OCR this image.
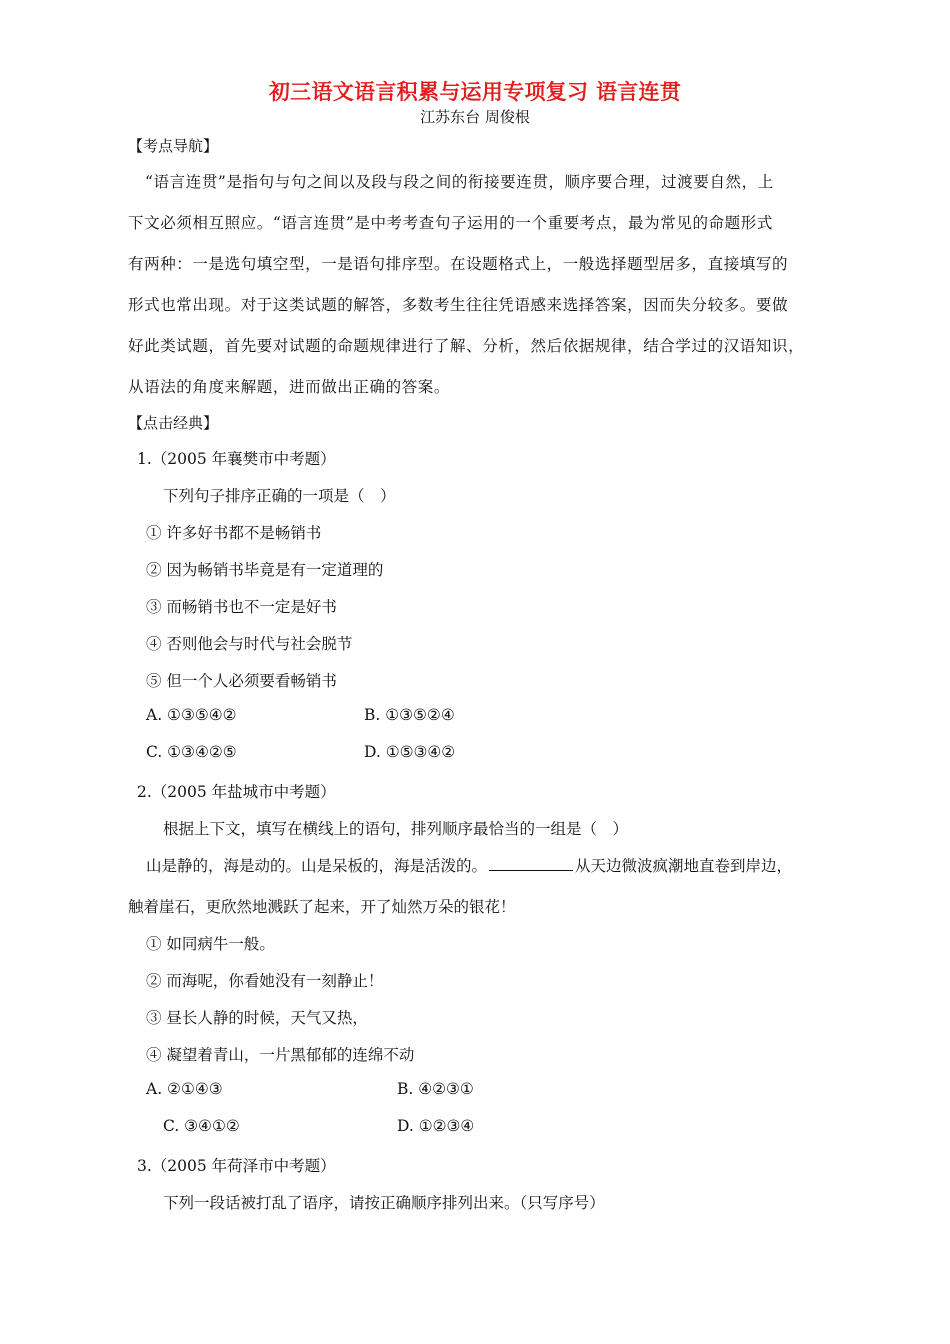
初三语文语言积累与运用专项复习 语言连贯
江苏东台 周俊根
【考点导航】
“语言连贯”是指句与句之间以及段与段之间的衔接要连贯，顺序要合理，过渡要自然，上
下文必须相互照应。“语言连贯”是中考考查句子运用的一个重要考点，最为常见的命题形式
有两种：一是选句填空型，一是语句排序型。在设题格式上，一般选择题型居多，直接填写的
形式也常出现。对于这类试题的解答，多数考生往往凭语感来选择答案，因而失分较多。要做
好此类试题，首先要对试题的命题规律进行了解、分析，然后依据规律，结合学过的汉语知识，
从语法的角度来解题，进而做出正确的答案。
【点击经典】
1.（2005 年襄樊市中考题）
下列句子排序正确的一项是（　）
① 许多好书都不是畅销书
② 因为畅销书毕竟是有一定道理的
③ 而畅销书也不一定是好书
④ 否则他会与时代与社会脱节
⑤ 但一个人必须要看畅销书
A. ①③⑤④②	B. ①③⑤②④
C. ①③④②⑤	D. ①⑤③④②
2.（2005 年盐城市中考题）
根据上下文，填写在横线上的语句，排列顺序最恰当的一组是（　）
山是静的，海是动的。山是呆板的，海是活泼的。	从天边微波疯潮地直卷到岸边，
触着崖石，更欣然地溅跃了起来，开了灿然万朵的银花！
① 如同病牛一般。
② 而海呢，你看她没有一刻静止！
③ 昼长人静的时候，天气又热，
④ 凝望着青山，一片黑郁郁的连绵不动
A. ②①④③	B. ④②③①
C. ③④①②	D. ①②③④
3.（2005 年荷泽市中考题）
下列一段话被打乱了语序，请按正确顺序排列出来。（只写序号）
